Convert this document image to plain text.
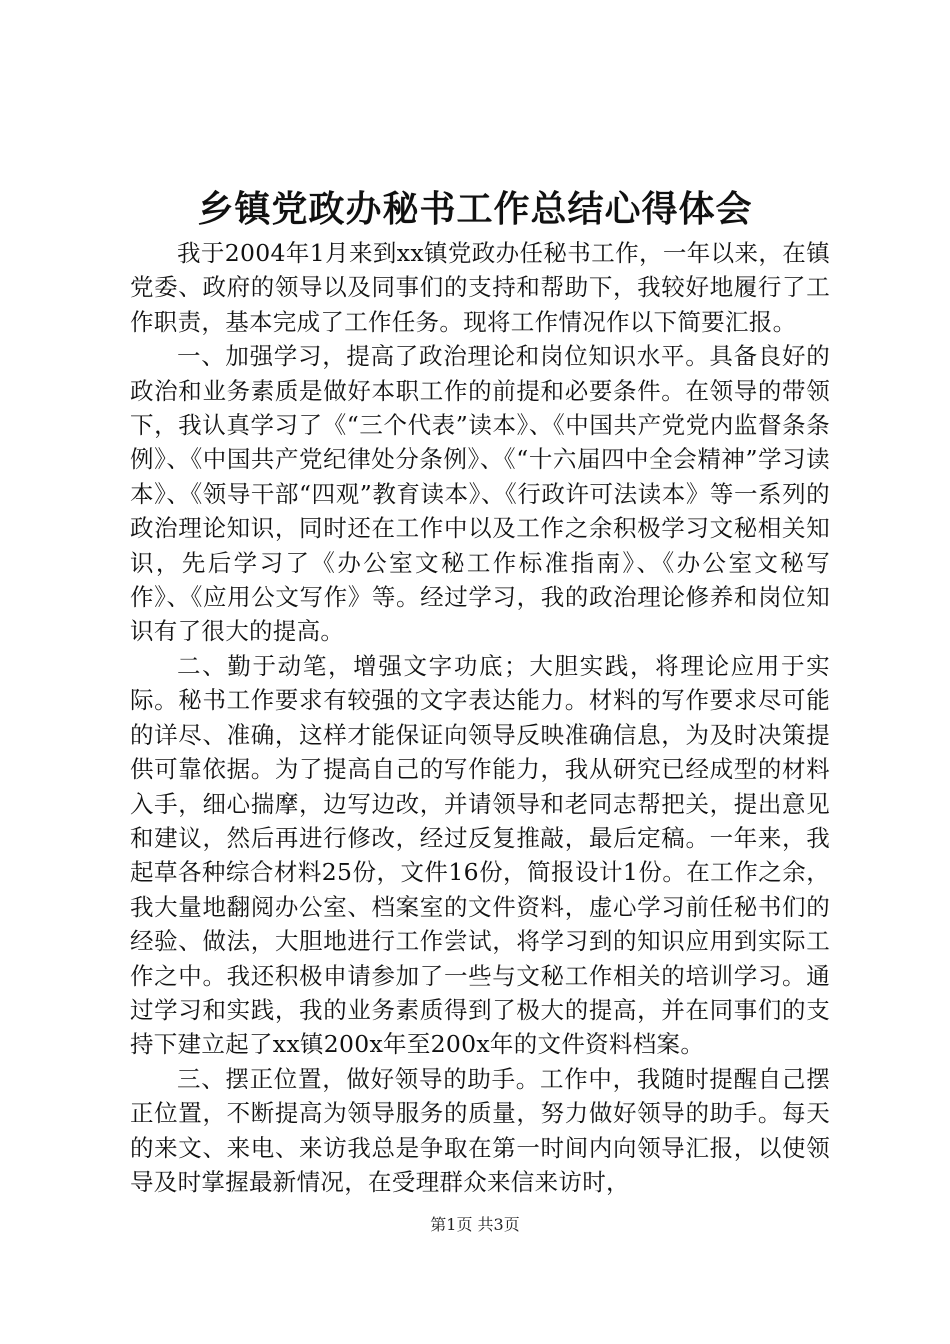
乡镇党政办秘书工作总结心得体会

我于2004年1月来到xx镇党政办任秘书工作，一年以来，在镇党委、政府的领导以及同事们的支持和帮助下，我较好地履行了工作职责，基本完成了工作任务。现将工作情况作以下简要汇报。

一、加强学习，提高了政治理论和岗位知识水平。具备良好的政治和业务素质是做好本职工作的前提和必要条件。在领导的带领下，我认真学习了《“三个代表”读本》、《中国共产党党内监督条条例》、《中国共产党纪律处分条例》、《“十六届四中全会精神”学习读本》、《领导干部“四观”教育读本》、《行政许可法读本》等一系列的政治理论知识，同时还在工作中以及工作之余积极学习文秘相关知识，先后学习了《办公室文秘工作标准指南》、《办公室文秘写作》、《应用公文写作》等。经过学习，我的政治理论修养和岗位知识有了很大的提高。

二、勤于动笔，增强文字功底；大胆实践，将理论应用于实际。秘书工作要求有较强的文字表达能力。材料的写作要求尽可能的详尽、准确，这样才能保证向领导反映准确信息，为及时决策提供可靠依据。为了提高自己的写作能力，我从研究已经成型的材料入手，细心揣摩，边写边改，并请领导和老同志帮把关，提出意见和建议，然后再进行修改，经过反复推敲，最后定稿。一年来，我起草各种综合材料25份，文件16份，简报设计1份。在工作之余，我大量地翻阅办公室、档案室的文件资料，虚心学习前任秘书们的经验、做法，大胆地进行工作尝试，将学习到的知识应用到实际工作之中。我还积极申请参加了一些与文秘工作相关的培训学习。通过学习和实践，我的业务素质得到了极大的提高，并在同事们的支持下建立起了xx镇200x年至200x年的文件资料档案。

三、摆正位置，做好领导的助手。工作中，我随时提醒自己摆正位置，不断提高为领导服务的质量，努力做好领导的助手。每天的来文、来电、来访我总是争取在第一时间内向领导汇报，以使领导及时掌握最新情况，在受理群众来信来访时，

第1页 共3页
